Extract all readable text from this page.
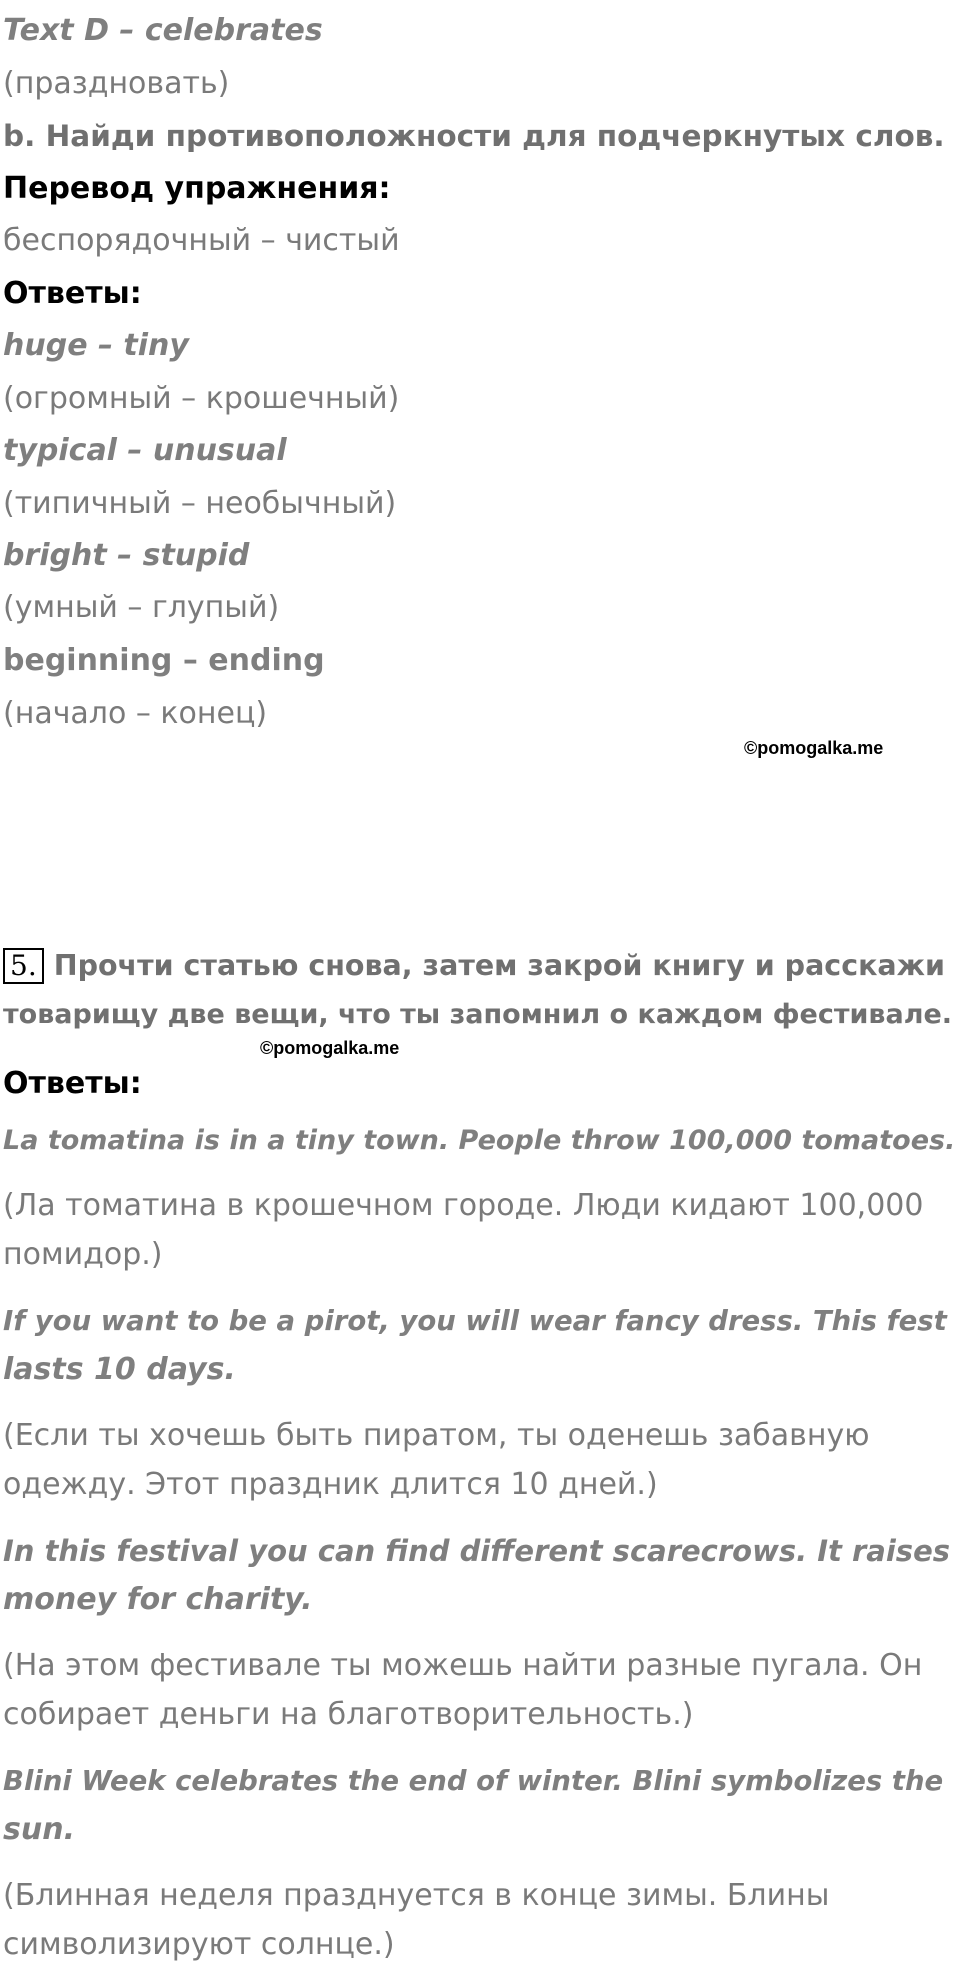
Text D – celebrates
(праздновать)
b. Найди противоположности для подчеркнутых слов.
Перевод упражнения:
беспорядочный – чистый
Ответы:
huge – tiny
(огромный – крошечный)
typical – unusual
(типичный – необычный)
bright – stupid
(умный – глупый)
beginning – ending
(начало – конец)
©pomogalka.me
5. Прочти статью снова, затем закрой книгу и расскажи
товарищу две вещи, что ты запомнил о каждом фестивале.
©pomogalka.me
Ответы:
La tomatina is in a tiny town. People throw 100,000 tomatoes.
(Ла томатина в крошечном городе. Люди кидают 100,000
помидор.)
If you want to be a pirot, you will wear fancy dress. This fest
lasts 10 days.
(Если ты хочешь быть пиратом, ты оденешь забавную
одежду. Этот праздник длится 10 дней.)
In this festival you can find different scarecrows. It raises
money for charity.
(На этом фестивале ты можешь найти разные пугала. Он
собирает деньги на благотворительность.)
Blini Week celebrates the end of winter. Blini symbolizes the
sun.
(Блинная неделя празднуется в конце зимы. Блины
символизируют солнце.)
